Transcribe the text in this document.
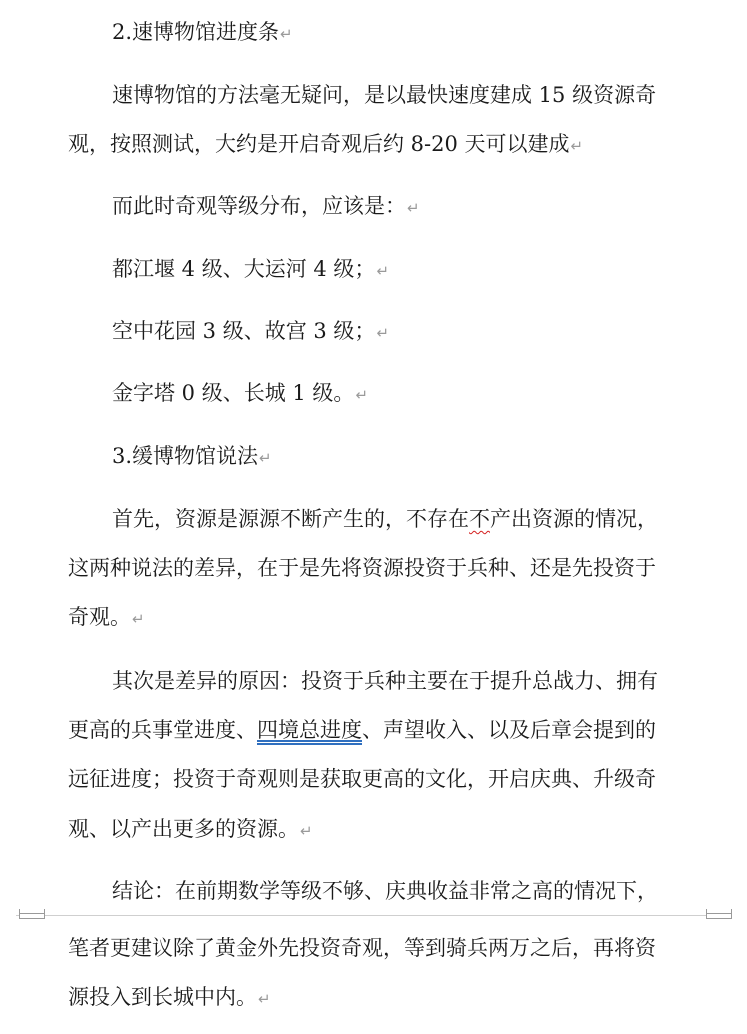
2.速博物馆进度条↵
速博物馆的方法毫无疑问，是以最快速度建成 15 级资源奇
观，按照测试，大约是开启奇观后约 8-20 天可以建成↵
而此时奇观等级分布，应该是：↵
都江堰 4 级、大运河 4 级；↵
空中花园 3 级、故宫 3 级；↵
金字塔 0 级、长城 1 级。↵
3.缓博物馆说法↵
首先，资源是源源不断产生的，不存在不产出资源的情况，
这两种说法的差异，在于是先将资源投资于兵种、还是先投资于
奇观。↵
其次是差异的原因：投资于兵种主要在于提升总战力、拥有
更高的兵事堂进度、四境总进度、声望收入、以及后章会提到的
远征进度；投资于奇观则是获取更高的文化，开启庆典、升级奇
观、以产出更多的资源。↵
结论：在前期数学等级不够、庆典收益非常之高的情况下，
笔者更建议除了黄金外先投资奇观，等到骑兵两万之后，再将资
源投入到长城中内。↵
